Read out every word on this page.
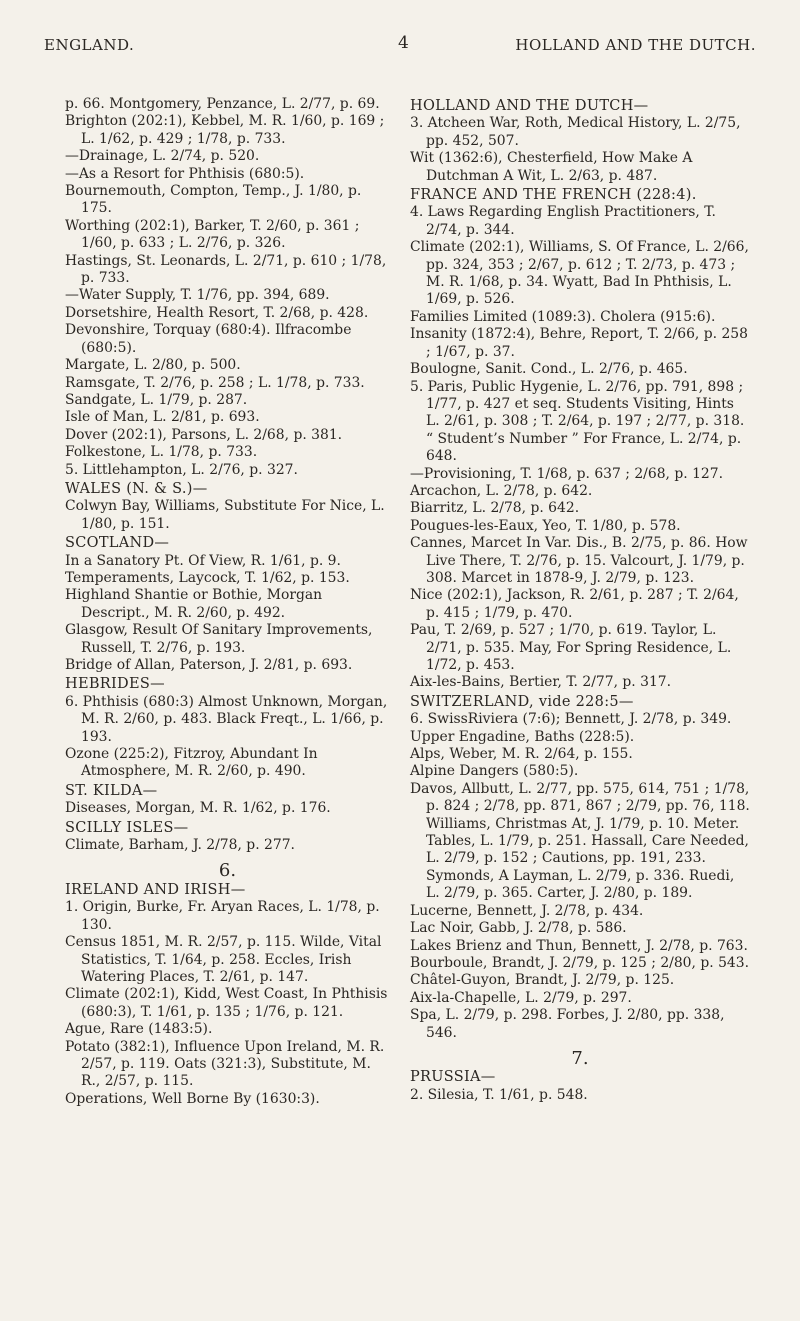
ENGLAND.	4	HOLLAND AND THE DUTCH.

p. 66. Montgomery, Penzance, L. 2/77, p. 69.

Brighton (202:1), Kebbel, M. R. 1/60, p. 169 ; L. 1/62, p. 429 ; 1/78, p. 733.

—Drainage, L. 2/74, p. 520.

—As a Resort for Phthisis (680:5).

Bournemouth, Compton, Temp., J. 1/80, p. 175.

Worthing (202:1), Barker, T. 2/60, p. 361 ; 1/60, p. 633 ; L. 2/76, p. 326.

Hastings, St. Leonards, L. 2/71, p. 610 ; 1/78, p. 733.

—Water Supply, T. 1/76, pp. 394, 689.

Dorsetshire, Health Resort, T. 2/68, p. 428.

Devonshire, Torquay (680:4). Ilfracombe (680:5).

Margate, L. 2/80, p. 500.

Ramsgate, T. 2/76, p. 258 ; L. 1/78, p. 733.

Sandgate, L. 1/79, p. 287.

Isle of Man, L. 2/81, p. 693.

Dover (202:1), Parsons, L. 2/68, p. 381.

Folkestone, L. 1/78, p. 733.

5. Littlehampton, L. 2/76, p. 327.

WALES (N. & S.)—

Colwyn Bay, Williams, Substitute For Nice, L. 1/80, p. 151.

SCOTLAND—

In a Sanatory Pt. Of View, R. 1/61, p. 9.

Temperaments, Laycock, T. 1/62, p. 153.

Highland Shantie or Bothie, Morgan Descript., M. R. 2/60, p. 492.

Glasgow, Result Of Sanitary Improvements, Russell, T. 2/76, p. 193.

Bridge of Allan, Paterson, J. 2/81, p. 693.

HEBRIDES—

6. Phthisis (680:3) Almost Unknown, Morgan, M. R. 2/60, p. 483. Black Freqt., L. 1/66, p. 193.

Ozone (225:2), Fitzroy, Abundant In Atmosphere, M. R. 2/60, p. 490.

ST. KILDA—

Diseases, Morgan, M. R. 1/62, p. 176.

SCILLY ISLES—

Climate, Barham, J. 2/78, p. 277.

6.

IRELAND AND IRISH—

1. Origin, Burke, Fr. Aryan Races, L. 1/78, p. 130.

Census 1851, M. R. 2/57, p. 115. Wilde, Vital Statistics, T. 1/64, p. 258. Eccles, Irish Watering Places, T. 2/61, p. 147.

Climate (202:1), Kidd, West Coast, In Phthisis (680:3), T. 1/61, p. 135 ; 1/76, p. 121.

Ague, Rare (1483:5).

Potato (382:1), Influence Upon Ireland, M. R. 2/57, p. 119. Oats (321:3), Substitute, M. R., 2/57, p. 115.

Operations, Well Borne By (1630:3).

HOLLAND AND THE DUTCH—

3. Atcheen War, Roth, Medical History, L. 2/75, pp. 452, 507.

Wit (1362:6), Chesterfield, How Make A Dutchman A Wit, L. 2/63, p. 487.

FRANCE AND THE FRENCH (228:4).

4. Laws Regarding English Practitioners, T. 2/74, p. 344.

Climate (202:1), Williams, S. Of France, L. 2/66, pp. 324, 353 ; 2/67, p. 612 ; T. 2/73, p. 473 ; M. R. 1/68, p. 34. Wyatt, Bad In Phthisis, L. 1/69, p. 526.

Families Limited (1089:3). Cholera (915:6).

Insanity (1872:4), Behre, Report, T. 2/66, p. 258 ; 1/67, p. 37.

Boulogne, Sanit. Cond., L. 2/76, p. 465.

5. Paris, Public Hygenie, L. 2/76, pp. 791, 898 ; 1/77, p. 427 et seq. Students Visiting, Hints L. 2/61, p. 308 ; T. 2/64, p. 197 ; 2/77, p. 318. “ Student’s Number ” For France, L. 2/74, p. 648.

—Provisioning, T. 1/68, p. 637 ; 2/68, p. 127.

Arcachon, L. 2/78, p. 642.

Biarritz, L. 2/78, p. 642.

Pougues-les-Eaux, Yeo, T. 1/80, p. 578.

Cannes, Marcet In Var. Dis., B. 2/75, p. 86. How Live There, T. 2/76, p. 15. Valcourt, J. 1/79, p. 308. Marcet in 1878-9, J. 2/79, p. 123.

Nice (202:1), Jackson, R. 2/61, p. 287 ; T. 2/64, p. 415 ; 1/79, p. 470.

Pau, T. 2/69, p. 527 ; 1/70, p. 619. Taylor, L. 2/71, p. 535. May, For Spring Residence, L. 1/72, p. 453.

Aix-les-Bains, Bertier, T. 2/77, p. 317.

SWITZERLAND, vide 228:5—

6. SwissRiviera (7:6); Bennett, J. 2/78, p. 349.

Upper Engadine, Baths (228:5).

Alps, Weber, M. R. 2/64, p. 155.

Alpine Dangers (580:5).

Davos, Allbutt, L. 2/77, pp. 575, 614, 751 ; 1/78, p. 824 ; 2/78, pp. 871, 867 ; 2/79, pp. 76, 118. Williams, Christmas At, J. 1/79, p. 10. Meter. Tables, L. 1/79, p. 251. Hassall, Care Needed, L. 2/79, p. 152 ; Cautions, pp. 191, 233. Symonds, A Layman, L. 2/79, p. 336. Ruedi, L. 2/79, p. 365. Carter, J. 2/80, p. 189.

Lucerne, Bennett, J. 2/78, p. 434.

Lac Noir, Gabb, J. 2/78, p. 586.

Lakes Brienz and Thun, Bennett, J. 2/78, p. 763.

Bourboule, Brandt, J. 2/79, p. 125 ; 2/80, p. 543.

Châtel-Guyon, Brandt, J. 2/79, p. 125.

Aix-la-Chapelle, L. 2/79, p. 297.

Spa, L. 2/79, p. 298. Forbes, J. 2/80, pp. 338, 546.

7.

PRUSSIA—

2. Silesia, T. 1/61, p. 548.
